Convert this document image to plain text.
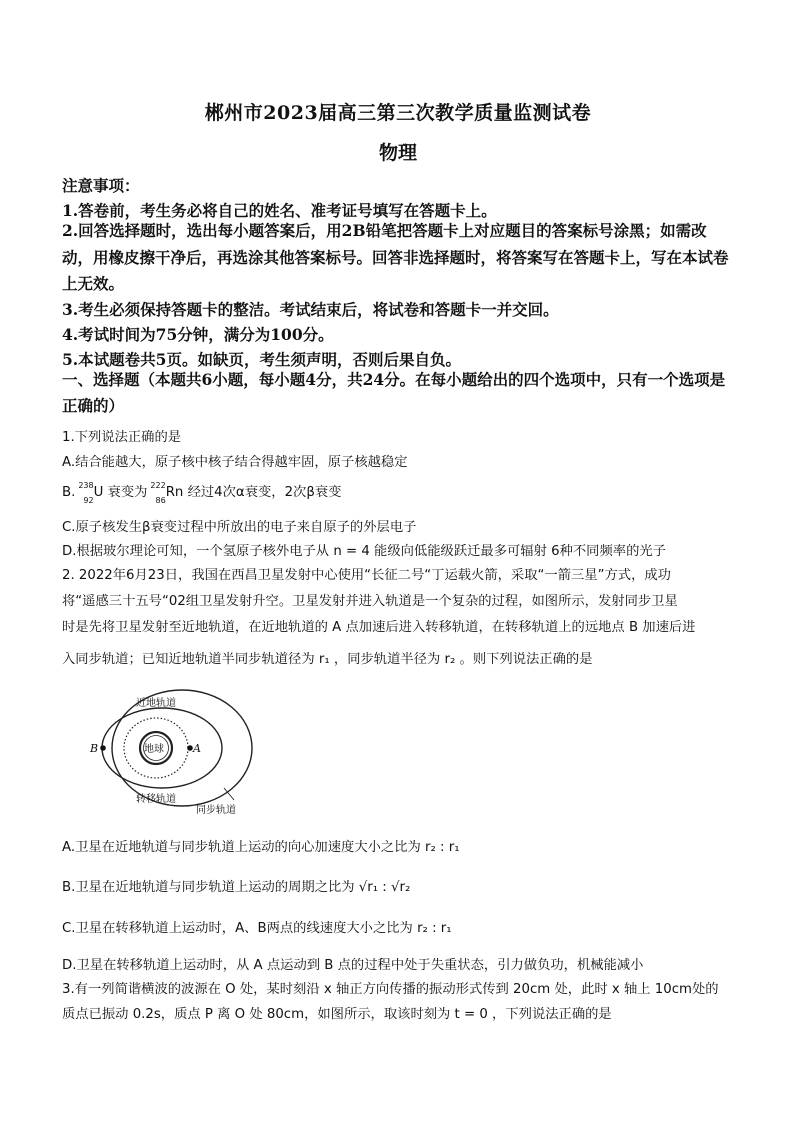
郴州市2023届高三第三次教学质量监测试卷
物理
注意事项：
1.答卷前，考生务必将自己的姓名、准考证号填写在答题卡上。
2.回答选择题时，选出每小题答案后，用2B铅笔把答题卡上对应题目的答案标号涂黑；如需改动，用橡皮擦干净后，再选涂其他答案标号。回答非选择题时，将答案写在答题卡上，写在本试卷上无效。
3.考生必须保持答题卡的整洁。考试结束后，将试卷和答题卡一并交回。
4.考试时间为75分钟，满分为100分。
5.本试题卷共5页。如缺页，考生须声明，否则后果自负。
一、选择题（本题共6小题，每小题4分，共24分。在每小题给出的四个选项中，只有一个选项是正确的）
1.下列说法正确的是
A.结合能越大，原子核中核子结合得越牢固，原子核越稳定
B. 238
92
U 衰变为
222
86
Rn 经过4次α衰变，2次β衰变
C.原子核发生β衰变过程中所放出的电子来自原子的外层电子
D.根据玻尔理论可知，一个氢原子核外电子从 n = 4 能级向低能级跃迁最多可辐射 6种不同频率的光子
2. 2022年6月23日，我国在西昌卫星发射中心使用“长征二号“丁运载火箭，采取“一箭三星”方式，成功
将“遥感三十五号“02组卫星发射升空。卫星发射并进入轨道是一个复杂的过程，如图所示，发射同步卫星
时是先将卫星发射至近地轨道，在近地轨道的 A 点加速后进入转移轨道，在转移轨道上的远地点 B 加速后进
入同步轨道；已知近地轨道半同步轨道径为 r₁ ，同步轨道半径为 r₂ 。则下列说法正确的是
地球
近地轨道
A
B
转移轨道
同步轨道
A.卫星在近地轨道与同步轨道上运动的向心加速度大小之比为 r₂ : r₁
B.卫星在近地轨道与同步轨道上运动的周期之比为 √r₁ : √r₂
C.卫星在转移轨道上运动时，A、B两点的线速度大小之比为 r₂ : r₁
D.卫星在转移轨道上运动时，从 A 点运动到 B 点的过程中处于失重状态，引力做负功，机械能减小
3.有一列简谐横波的波源在 O 处，某时刻沿 x 轴正方向传播的振动形式传到 20cm 处，此时 x 轴上 10cm处的
质点已振动 0.2s，质点 P 离 O 处 80cm，如图所示，取该时刻为 t = 0 ，下列说法正确的是
